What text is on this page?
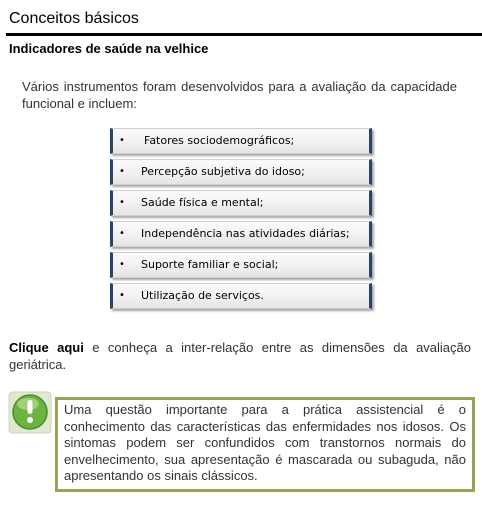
Conceitos básicos
Indicadores de saúde na velhice
Vários instrumentos foram desenvolvidos para a avaliação da capacidade funcional e incluem:
• Fatores sociodemográficos;
• Percepção subjetiva do idoso;
• Saúde física e mental;
• Independência nas atividades diárias;
• Suporte familiar e social;
• Utilização de serviços.
Clique aqui e conheça a inter-relação entre as dimensões da avaliação geriátrica.
Uma questão importante para a prática assistencial é o conhecimento das características das enfermidades nos idosos. Os sintomas podem ser confundidos com transtornos normais do envelhecimento, sua apresentação é mascarada ou subaguda, não apresentando os sinais clássicos.
